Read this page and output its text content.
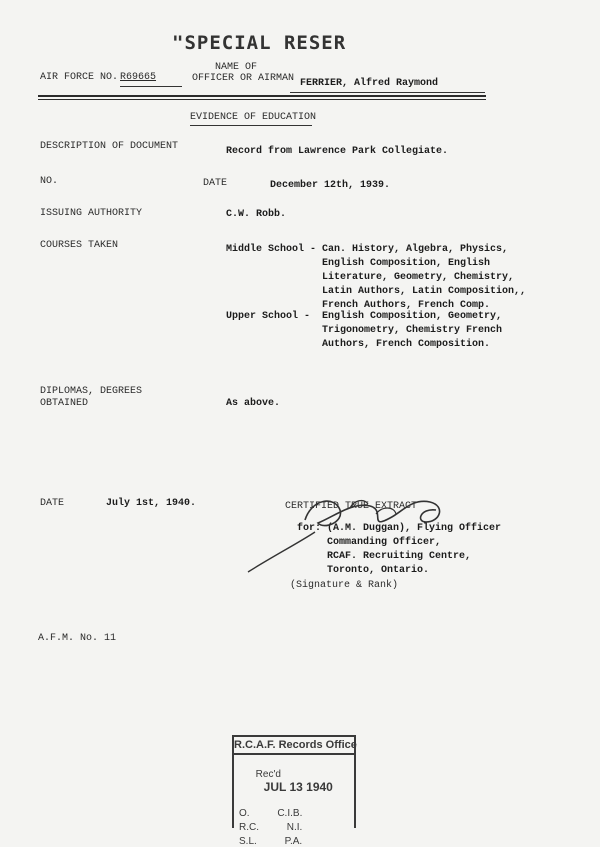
"SPECIAL RESER
AIR FORCE NO. R69665
NAME OF
OFFICER OR AIRMAN FERRIER, Alfred Raymond
EVIDENCE OF EDUCATION
DESCRIPTION OF DOCUMENT	Record from Lawrence Park Collegiate.
NO.	DATE	December 12th, 1939.
ISSUING AUTHORITY	C.W. Robb.
COURSES TAKEN	Middle School - Can. History, Algebra, Physics,
English Composition, English
Literature, Geometry, Chemistry,
Latin Authors, Latin Composition,,
French Authors, French Comp.
Upper School -  English Composition, Geometry,
Trigonometry, Chemistry French
Authors, French Composition.
DIPLOMAS, DEGREES
OBTAINED	As above.
DATE	July 1st, 1940.	CERTIFIED TRUE EXTRACT
for: (A.M. Duggan), Flying Officer
Commanding Officer,
RCAF. Recruiting Centre,
Toronto, Ontario.
(Signature & Rank)
A.F.M. No. 11
R.C.A.F. Records Office

Rec'd
JUL 13 1940

O.          C.I.B.
R.C.          N.I.
S.L.          P.A.
